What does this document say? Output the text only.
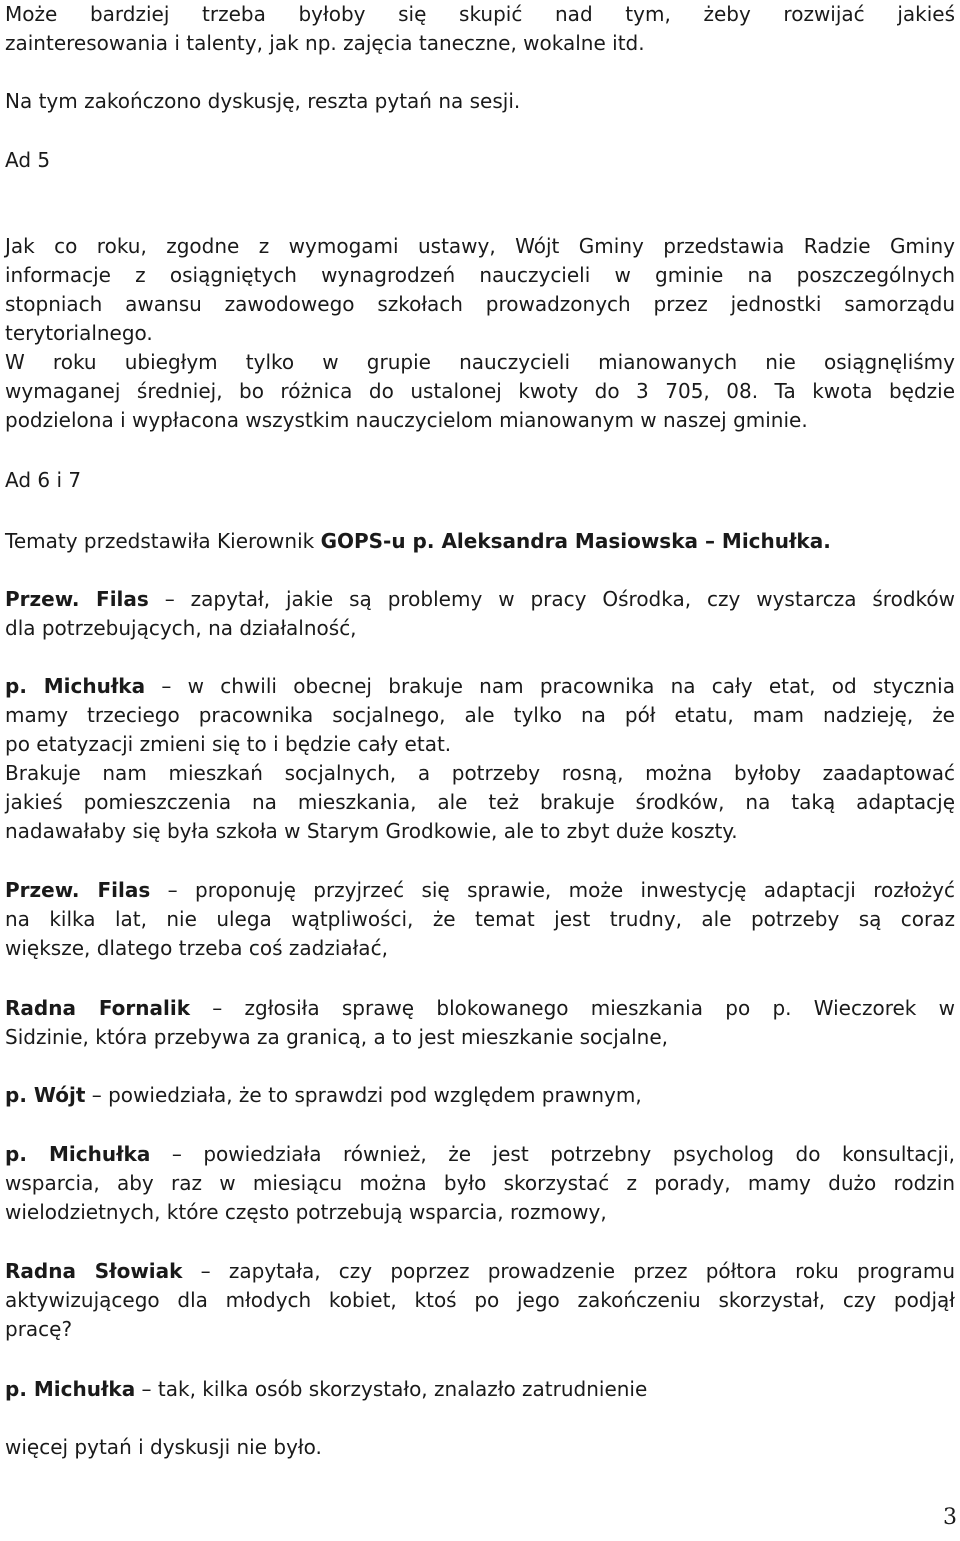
Może bardziej trzeba byłoby się skupić nad tym, żeby rozwijać jakieś
zainteresowania i talenty, jak np. zajęcia taneczne, wokalne itd.
Na tym zakończono dyskusję, reszta pytań na sesji.
Ad 5
Jak co roku, zgodne z wymogami ustawy, Wójt Gminy przedstawia Radzie Gminy
informacje z osiągniętych wynagrodzeń nauczycieli w gminie na poszczególnych
stopniach awansu zawodowego szkołach prowadzonych przez jednostki samorządu
terytorialnego.
W roku ubiegłym tylko w grupie nauczycieli mianowanych nie osiągnęliśmy
wymaganej średniej, bo różnica do ustalonej kwoty do 3 705, 08. Ta kwota będzie
podzielona i wypłacona wszystkim nauczycielom mianowanym w naszej gminie.
Ad 6 i 7
Tematy przedstawiła Kierownik GOPS-u p. Aleksandra Masiowska – Michułka.
Przew. Filas – zapytał, jakie są problemy w pracy Ośrodka, czy wystarcza środków
dla potrzebujących, na działalność,
p. Michułka – w chwili obecnej brakuje nam pracownika na cały etat, od stycznia
mamy trzeciego pracownika socjalnego, ale tylko na pół etatu, mam nadzieję, że
po etatyzacji zmieni się to i będzie cały etat.
Brakuje nam mieszkań socjalnych, a potrzeby rosną, można byłoby zaadaptować
jakieś pomieszczenia na mieszkania, ale też brakuje środków, na taką adaptację
nadawałaby się była szkoła w Starym Grodkowie, ale to zbyt duże koszty.
Przew. Filas – proponuję przyjrzeć się sprawie, może inwestycję adaptacji rozłożyć
na kilka lat, nie ulega wątpliwości, że temat jest trudny, ale potrzeby są coraz
większe, dlatego trzeba coś zadziałać,
Radna Fornalik – zgłosiła sprawę blokowanego mieszkania po p. Wieczorek w
Sidzinie, która przebywa za granicą, a to jest mieszkanie socjalne,
p. Wójt – powiedziała, że to sprawdzi pod względem prawnym,
p. Michułka – powiedziała również, że jest potrzebny psycholog do konsultacji,
wsparcia, aby raz w miesiącu można było skorzystać z porady, mamy dużo rodzin
wielodzietnych, które często potrzebują wsparcia, rozmowy,
Radna Słowiak – zapytała, czy poprzez prowadzenie przez półtora roku programu
aktywizującego dla młodych kobiet, ktoś po jego zakończeniu skorzystał, czy podjął
pracę?
p. Michułka – tak, kilka osób skorzystało, znalazło zatrudnienie
więcej pytań i dyskusji nie było.
3
